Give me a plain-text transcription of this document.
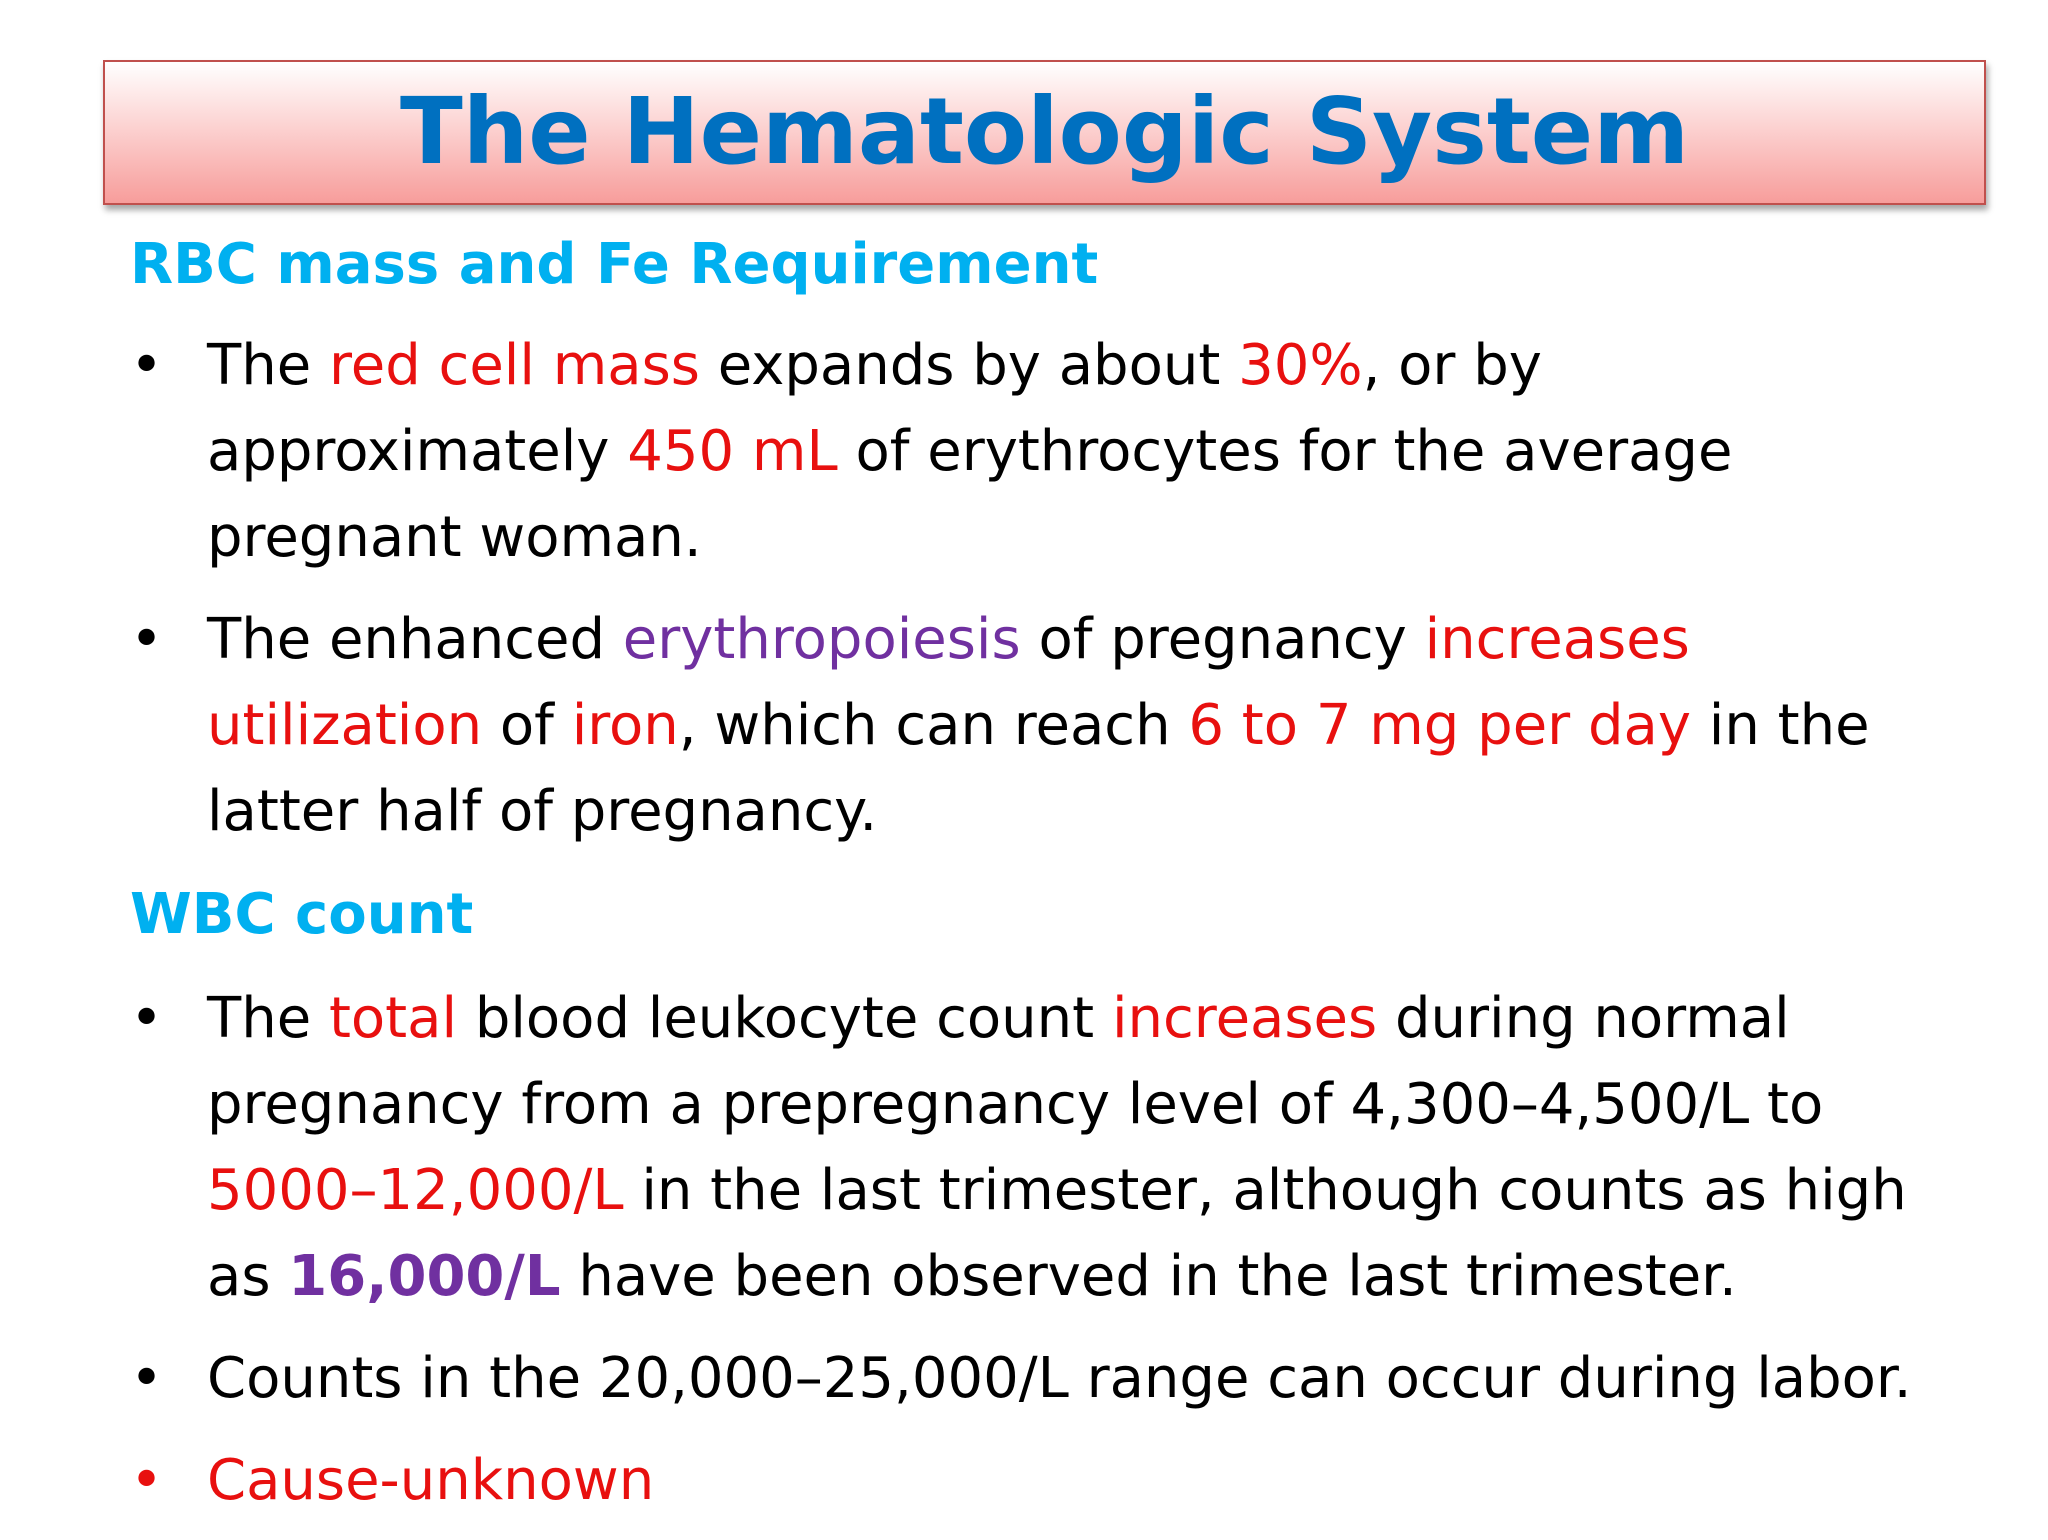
The Hematologic System
RBC mass and Fe Requirement
• The red cell mass expands by about 30%, or by
approximately 450 mL of erythrocytes for the average
pregnant woman.
• The enhanced erythropoiesis of pregnancy increases
utilization of iron, which can reach 6 to 7 mg per day in the
latter half of pregnancy.
WBC count
• The total blood leukocyte count increases during normal
pregnancy from a prepregnancy level of 4,300–4,500/L to
5000–12,000/L in the last trimester, although counts as high
as 16,000/L have been observed in the last trimester.
• Counts in the 20,000–25,000/L range can occur during labor.
• Cause-unknown
